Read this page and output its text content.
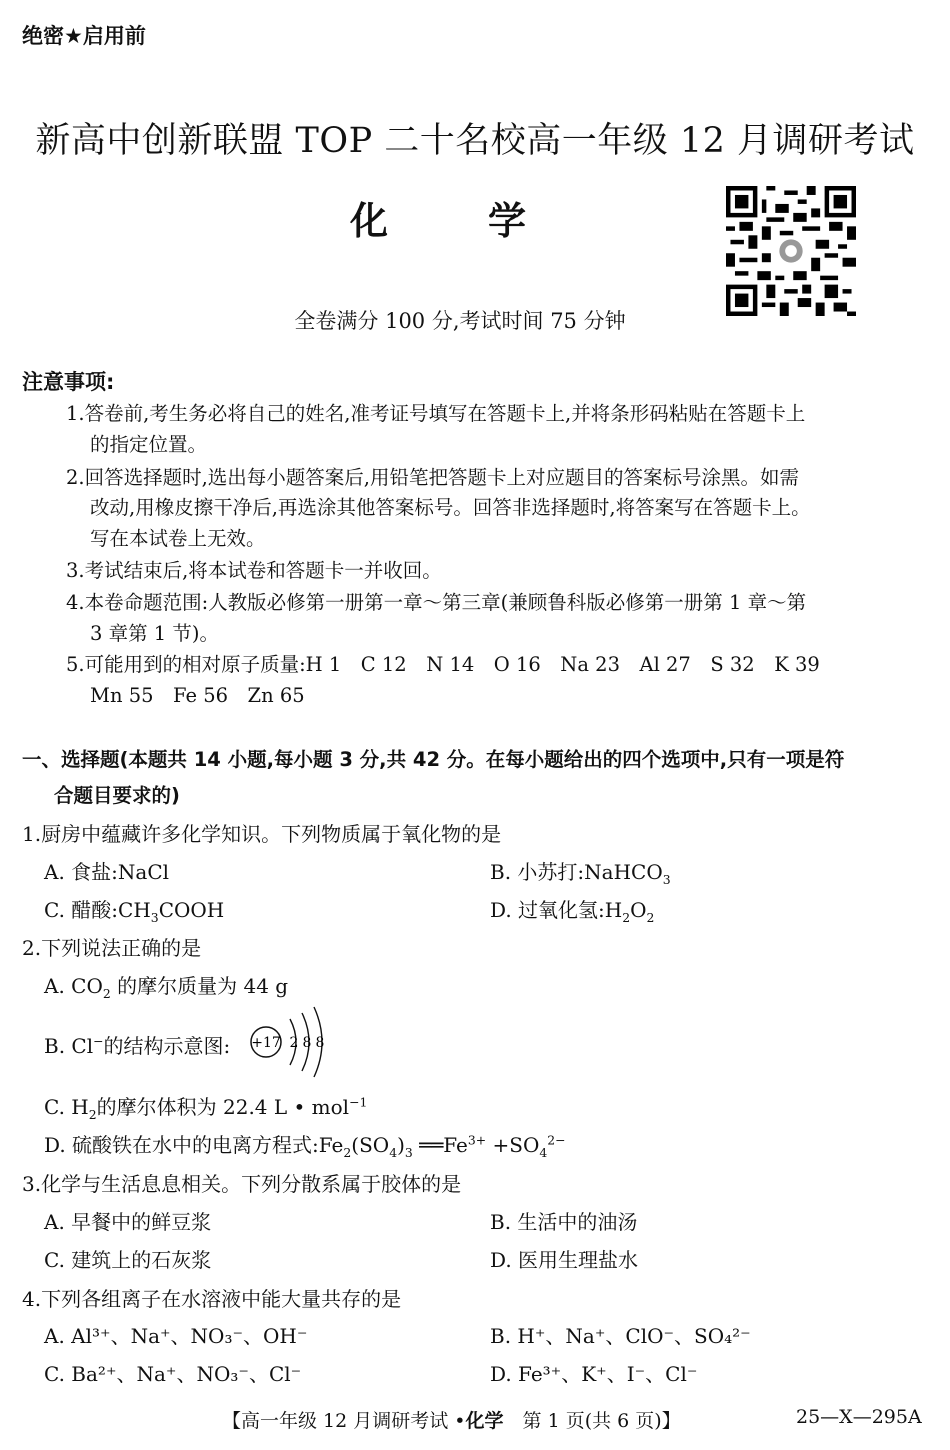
绝密★启用前
新高中创新联盟 TOP 二十名校高一年级 12 月调研考试
化	学
全卷满分 100 分,考试时间 75 分钟
注意事项:
1.答卷前,考生务必将自己的姓名,准考证号填写在答题卡上,并将条形码粘贴在答题卡上
的指定位置。
2.回答选择题时,选出每小题答案后,用铅笔把答题卡上对应题目的答案标号涂黑。如需
改动,用橡皮擦干净后,再选涂其他答案标号。回答非选择题时,将答案写在答题卡上。
写在本试卷上无效。
3.考试结束后,将本试卷和答题卡一并收回。
4.本卷命题范围:人教版必修第一册第一章～第三章(兼顾鲁科版必修第一册第 1 章～第
3 章第 1 节)。
5.可能用到的相对原子质量:H 1　C 12　N 14　O 16　Na 23　Al 27　S 32　K 39
Mn 55　Fe 56　Zn 65
一、选择题(本题共 14 小题,每小题 3 分,共 42 分。在每小题给出的四个选项中,只有一项是符
合题目要求的)
1.厨房中蕴藏许多化学知识。下列物质属于氧化物的是
A. 食盐:NaCl	B. 小苏打:NaHCO$_3$
C. 醋酸$:CH_3COOH$	D. 过氧化氢$:H_2O_2$
2.下列说法正确的是
A. $CO_2$ 的摩尔质量为 44 g
B. Cl−的结构示意图: +17 2 8 8
C. $H_2$的摩尔体积为 22.4 L • mol$^{-1}$
D. 硫酸铁在水中的电离方程式$:Fe_2(SO_4)_3$ $══Fe^{3+} +SO_4^{2-}$
3.化学与生活息息相关。下列分散系属于胶体的是
A. 早餐中的鲜豆浆	B. 生活中的油汤
C. 建筑上的石灰浆	D. 医用生理盐水
4.下列各组离子在水溶液中能大量共存的是
A. Al³⁺、Na⁺、NO₃⁻、OH⁻	B. H⁺、Na⁺、ClO⁻、SO₄²⁻
C. Ba²⁺、Na⁺、NO₃⁻、Cl⁻	D. Fe³⁺、K⁺、I⁻、Cl⁻
【高一年级 12 月调研考试 •化学　 第 1 页(共 6 页)】	25—X—295A
